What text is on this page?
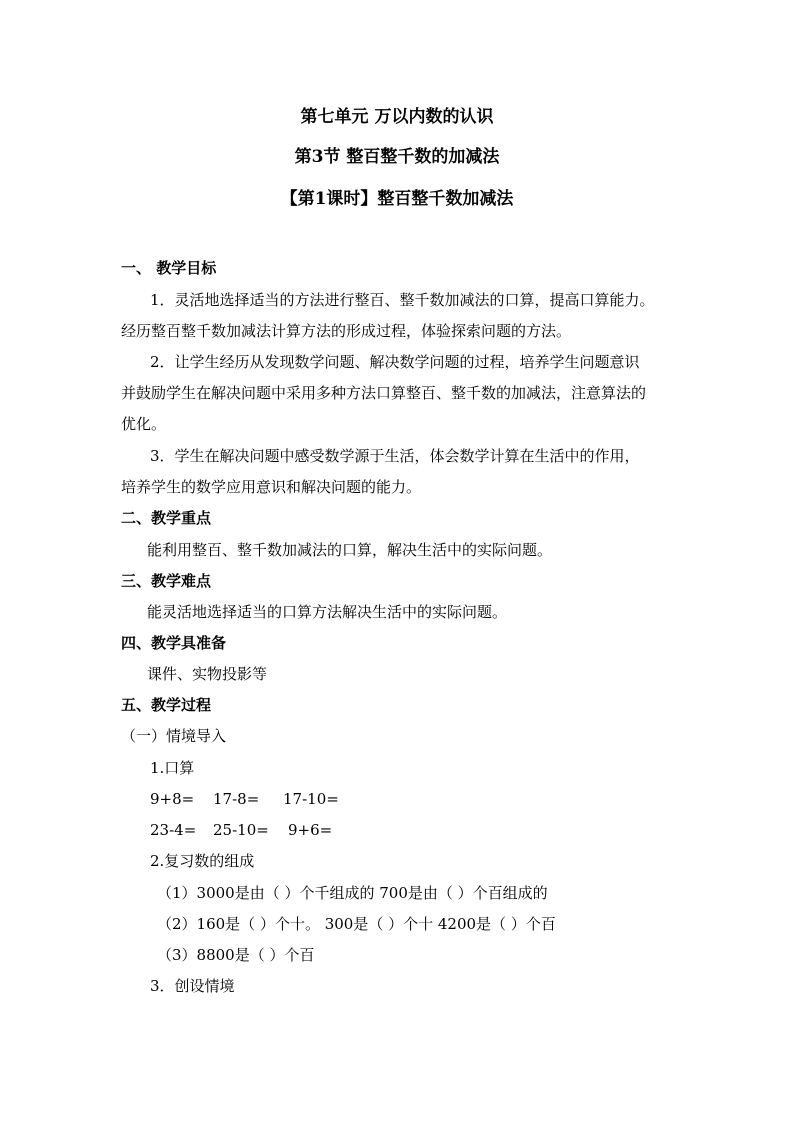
第七单元 万以内数的认识
第3节 整百整千数的加减法
【第1课时】整百整千数加减法
一、 教学目标
1．灵活地选择适当的方法进行整百、整千数加减法的口算，提高口算能力。
经历整百整千数加减法计算方法的形成过程，体验探索问题的方法。
2．让学生经历从发现数学问题、解决数学问题的过程，培养学生问题意识
并鼓励学生在解决问题中采用多种方法口算整百、整千数的加减法，注意算法的
优化。
3．学生在解决问题中感受数学源于生活，体会数学计算在生活中的作用，
培养学生的数学应用意识和解决问题的能力。
二、教学重点
能利用整百、整千数加减法的口算，解决生活中的实际问题。
三、教学难点
能灵活地选择适当的口算方法解决生活中的实际问题。
四、教学具准备
课件、实物投影等
五、教学过程
（一）情境导入
1.口算
9+8= 17-8= 17-10=
23-4= 25-10= 9+6=
2.复习数的组成
（1）3000是由（ ）个千组成的 700是由（ ）个百组成的
（2）160是（ ）个十。 300是（ ）个十 4200是（ ）个百
（3）8800是（ ）个百
3．创设情境
